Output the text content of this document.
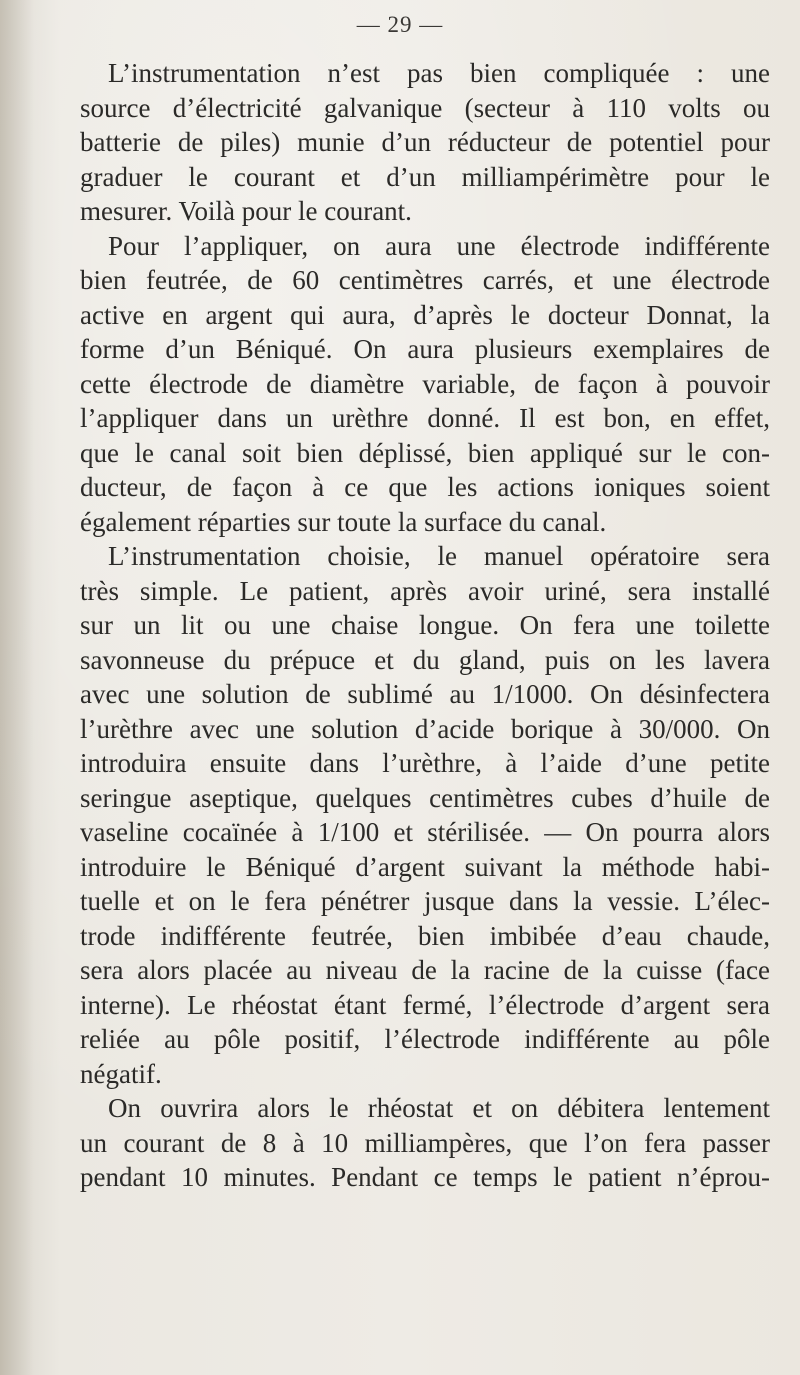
— 29 —
L’instrumentation n’est pas bien compliquée : une
source d’électricité galvanique (secteur à 110 volts ou
batterie de piles) munie d’un réducteur de potentiel pour
graduer le courant et d’un milliampérimètre pour le
mesurer. Voilà pour le courant.
Pour l’appliquer, on aura une électrode indifférente
bien feutrée, de 60 centimètres carrés, et une électrode
active en argent qui aura, d’après le docteur Donnat, la
forme d’un Béniqué. On aura plusieurs exemplaires de
cette électrode de diamètre variable, de façon à pouvoir
l’appliquer dans un urèthre donné. Il est bon, en effet,
que le canal soit bien déplissé, bien appliqué sur le con-
ducteur, de façon à ce que les actions ioniques soient
également réparties sur toute la surface du canal.
L’instrumentation choisie, le manuel opératoire sera
très simple. Le patient, après avoir uriné, sera installé
sur un lit ou une chaise longue. On fera une toilette
savonneuse du prépuce et du gland, puis on les lavera
avec une solution de sublimé au 1/1000. On désinfectera
l’urèthre avec une solution d’acide borique à 30/000. On
introduira ensuite dans l’urèthre, à l’aide d’une petite
seringue aseptique, quelques centimètres cubes d’huile de
vaseline cocaïnée à 1/100 et stérilisée. — On pourra alors
introduire le Béniqué d’argent suivant la méthode habi-
tuelle et on le fera pénétrer jusque dans la vessie. L’élec-
trode indifférente feutrée, bien imbibée d’eau chaude,
sera alors placée au niveau de la racine de la cuisse (face
interne). Le rhéostat étant fermé, l’électrode d’argent sera
reliée au pôle positif, l’électrode indifférente au pôle
négatif.
On ouvrira alors le rhéostat et on débitera lentement
un courant de 8 à 10 milliampères, que l’on fera passer
pendant 10 minutes. Pendant ce temps le patient n’éprou-
